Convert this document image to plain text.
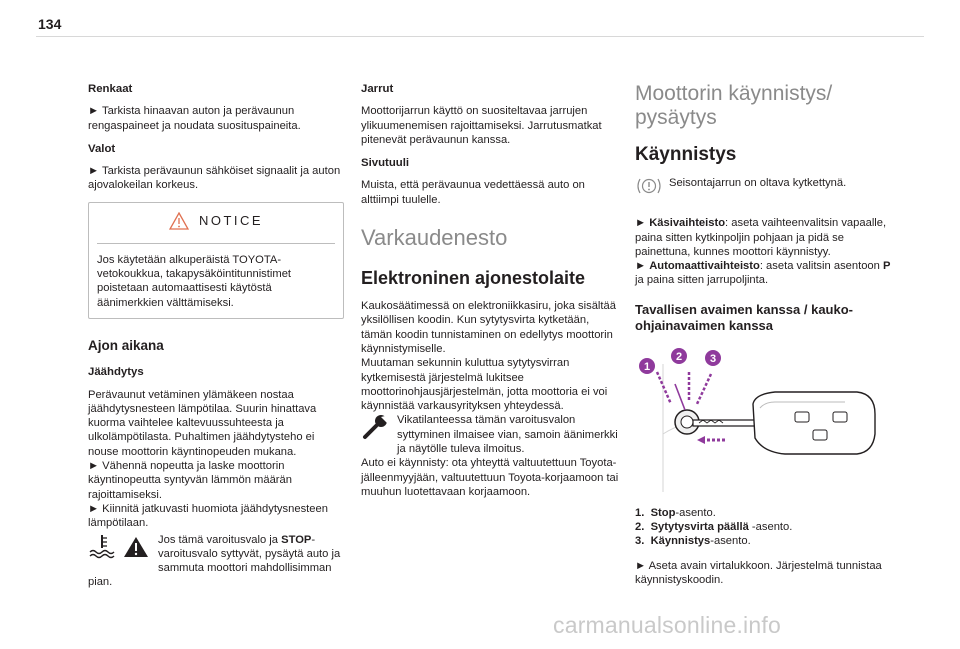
134
Renkaat

► Tarkista hinaavan auton ja perävaunun rengaspaineet ja noudata suosituspaineita.

Valot

► Tarkista perävaunun sähköiset signaalit ja auton ajovalokeilan korkeus.

NOTICE
Jos käytetään alkuperäistä TOYOTA-vetokoukkua, takapysäköintitunnistimet poistetaan automaattisesti käytöstä äänimerkkien välttämiseksi.
Ajon aikana
Jäähdytys
Perävaunut vetäminen ylämäkeen nostaa jäähdytysnesteen lämpötilaa. Suurin hinattava kuorma vaihtelee kaltevuussuhteesta ja ulkolämpötilasta. Puhaltimen jäähdytysteho ei nouse moottorin käyntinopeuden mukana.
► Vähennä nopeutta ja laske moottorin käyntinopeutta syntyvän lämmön määrän rajoittamiseksi.
► Kiinnitä jatkuvasti huomiota jäähdytysnesteen lämpötilaan.
Jos tämä varoitusvalo ja STOP-varoitusvalo syttyvät, pysäytä auto ja sammuta moottori mahdollisimman pian.
Jarrut

Moottorijarrun käyttö on suositeltavaa jarrujen ylikuumenemisen rajoittamiseksi. Jarrutusmatkat pitenevät perävaunun kanssa.

Sivutuuli

Muista, että perävaunua vedettäessä auto on alttiimpi tuulelle.

Varkaudenesto
Elektroninen ajonestolaite
Kaukosäätimessä on elektroniikkasiru, joka sisältää yksilöllisen koodin. Kun sytytysvirta kytketään, tämän koodin tunnistaminen on edellytys moottorin käynnistymiselle.
Muutaman sekunnin kuluttua sytytysvirran kytkemisestä järjestelmä lukitsee moottorinohjausjärjestelmän, jotta moottoria ei voi käynnistää varkausyrityksen yhteydessä.
Vikatilanteessa tämän varoitusvalon syttyminen ilmaisee vian, samoin äänimerkki ja näytölle tuleva ilmoitus.
Auto ei käynnisty: ota yhteyttä valtuutettuun Toyota-jälleenmyyjään, valtuutettuun Toyota-korjaamoon tai muuhun luotettavaan korjaamoon.
Moottorin käynnistys/ pysäytys
Käynnistys
Seisontajarrun on oltava kytkettynä.
► Käsivaihteisto: aseta vaihteenvalitsin vapaalle, paina sitten kytkinpoljin pohjaan ja pidä se painettuna, kunnes moottori käynnistyy.
► Automaattivaihteisto: aseta valitsin asentoon P ja paina sitten jarrupoljinta.
Tavallisen avaimen kanssa / kauko-ohjainavaimen kanssa
1
2	3
1. Stop-asento.
2. Sytytysvirta päällä -asento.
3. Käynnistys-asento.
► Aseta avain virtalukkoon. Järjestelmä tunnistaa käynnistyskoodin.
carmanualsonline.info
